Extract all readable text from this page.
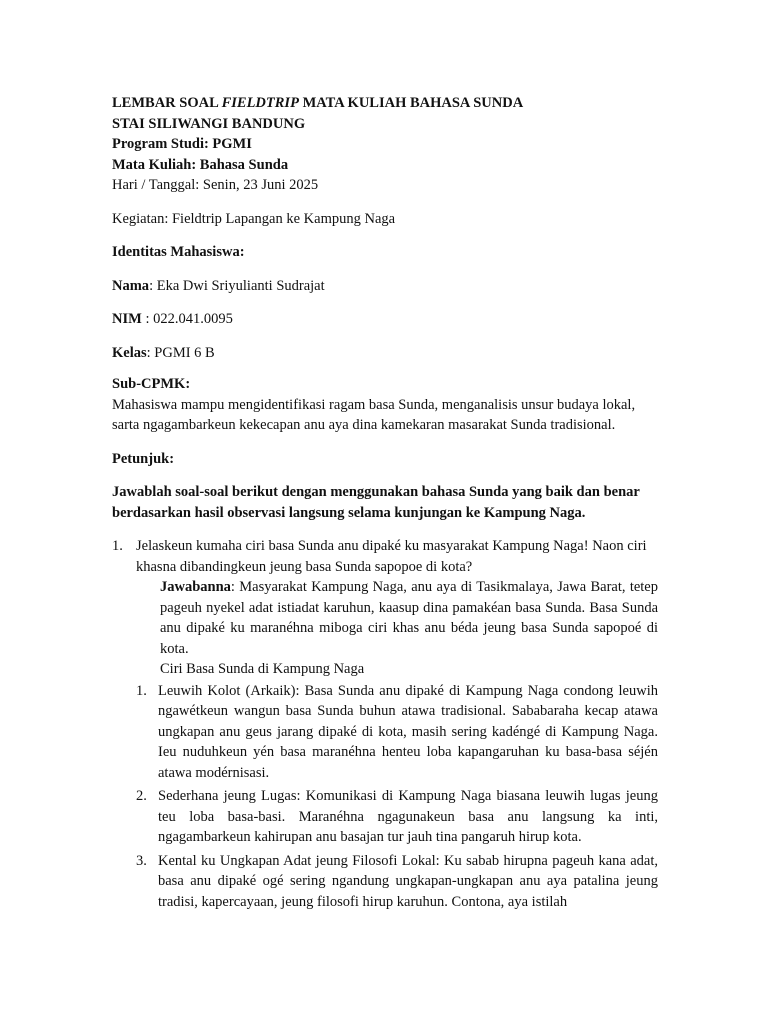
LEMBAR SOAL FIELDTRIP MATA KULIAH BAHASA SUNDA

STAI SILIWANGI BANDUNG

Program Studi: PGMI

Mata Kuliah: Bahasa Sunda

Hari / Tanggal: Senin, 23 Juni 2025

Kegiatan: Fieldtrip Lapangan ke Kampung Naga

Identitas Mahasiswa:

Nama: Eka Dwi Sriyulianti Sudrajat

NIM : 022.041.0095

Kelas: PGMI 6 B

Sub-CPMK:

Mahasiswa mampu mengidentifikasi ragam basa Sunda, menganalisis unsur budaya lokal, sarta ngagambarkeun kekecapan anu aya dina kamekaran masarakat Sunda tradisional.

Petunjuk:

Jawablah soal-soal berikut dengan menggunakan bahasa Sunda yang baik dan benar berdasarkan hasil observasi langsung selama kunjungan ke Kampung Naga.

1. Jelaskeun kumaha ciri basa Sunda anu dipaké ku masyarakat Kampung Naga! Naon ciri khasna dibandingkeun jeung basa Sunda sapopoe di kota?

Jawabanna: Masyarakat Kampung Naga, anu aya di Tasikmalaya, Jawa Barat, tetep pageuh nyekel adat istiadat karuhun, kaasup dina pamakéan basa Sunda. Basa Sunda anu dipaké ku maranéhna miboga ciri khas anu béda jeung basa Sunda sapopoé di kota.

Ciri Basa Sunda di Kampung Naga

1. Leuwih Kolot (Arkaik): Basa Sunda anu dipaké di Kampung Naga condong leuwih ngawétkeun wangun basa Sunda buhun atawa tradisional. Sababaraha kecap atawa ungkapan anu geus jarang dipaké di kota, masih sering kadéngé di Kampung Naga. Ieu nuduhkeun yén basa maranéhna henteu loba kapangaruhan ku basa-basa séjén atawa modérnisasi.

2. Sederhana jeung Lugas: Komunikasi di Kampung Naga biasana leuwih lugas jeung teu loba basa-basi. Maranéhna ngagunakeun basa anu langsung ka inti, ngagambarkeun kahirupan anu basajan tur jauh tina pangaruh hirup kota.

3. Kental ku Ungkapan Adat jeung Filosofi Lokal: Ku sabab hirupna pageuh kana adat, basa anu dipaké ogé sering ngandung ungkapan-ungkapan anu aya patalina jeung tradisi, kapercayaan, jeung filosofi hirup karuhun. Contona, aya istilah
